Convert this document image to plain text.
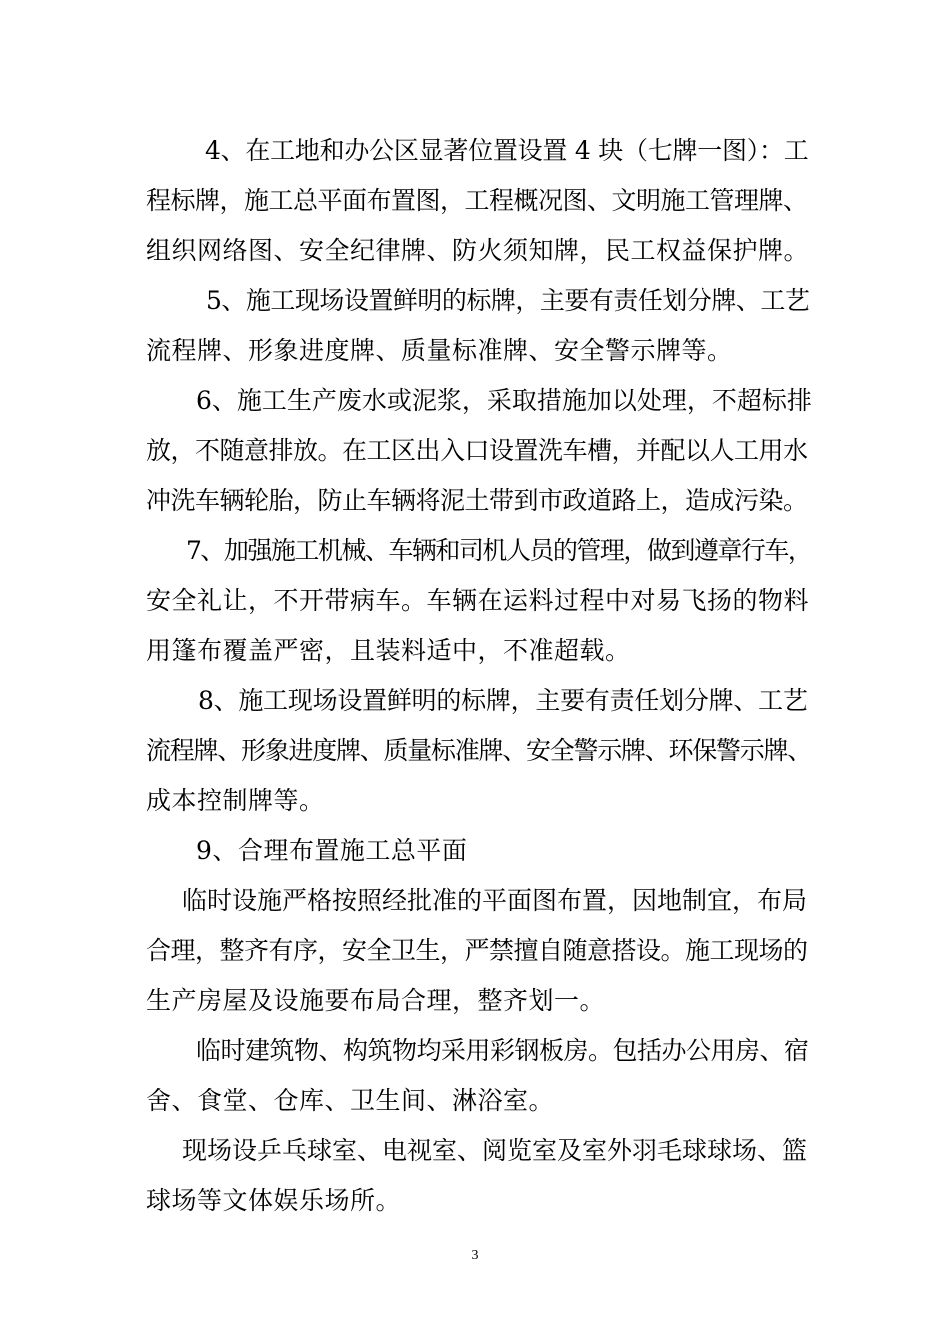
4、在工地和办公区显著位置设置 4 块（七牌一图）：工
程标牌，施工总平面布置图，工程概况图、文明施工管理牌、
组织网络图、安全纪律牌、防火须知牌，民工权益保护牌。
5、施工现场设置鲜明的标牌，主要有责任划分牌、工艺
流程牌、形象进度牌、质量标准牌、安全警示牌等。
6、施工生产废水或泥浆，采取措施加以处理，不超标排
放，不随意排放。在工区出入口设置洗车槽，并配以人工用水
冲洗车辆轮胎，防止车辆将泥土带到市政道路上，造成污染。
7、加强施工机械、车辆和司机人员的管理，做到遵章行车，
安全礼让，不开带病车。车辆在运料过程中对易飞扬的物料
用篷布覆盖严密，且装料适中，不准超载。
8、施工现场设置鲜明的标牌，主要有责任划分牌、工艺
流程牌、形象进度牌、质量标准牌、安全警示牌、环保警示牌、
成本控制牌等。
9、合理布置施工总平面
临时设施严格按照经批准的平面图布置，因地制宜，布局
合理，整齐有序，安全卫生，严禁擅自随意搭设。施工现场的
生产房屋及设施要布局合理，整齐划一。
临时建筑物、构筑物均采用彩钢板房。包括办公用房、宿
舍、食堂、仓库、卫生间、淋浴室。
现场设乒乓球室、电视室、阅览室及室外羽毛球球场、篮
球场等文体娱乐场所。
3
